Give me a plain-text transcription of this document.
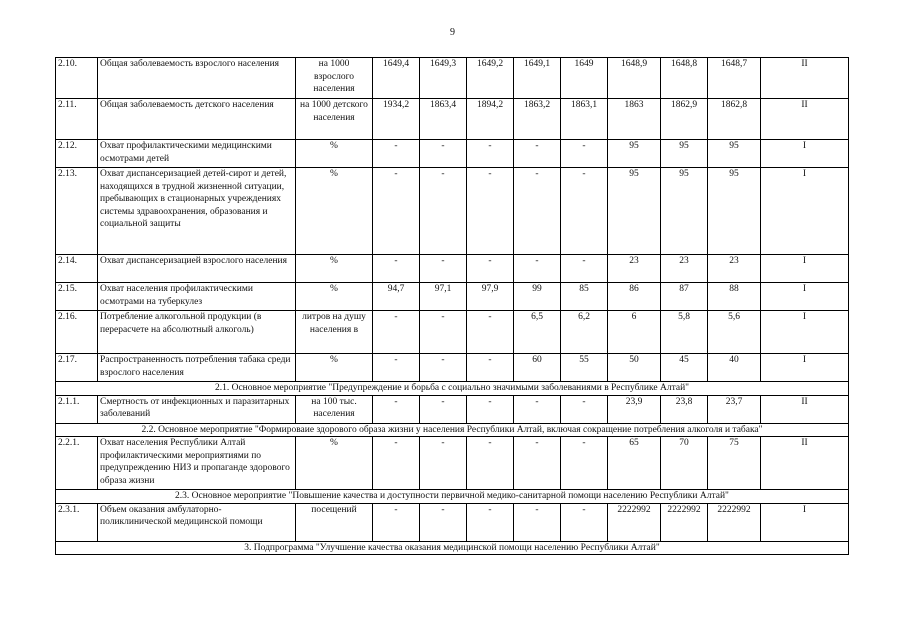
9
2.10.	Общая заболеваемость взрослого населения	на 1000 взрослого населения	1649,4	1649,3	1649,2	1649,1	1649	1648,9	1648,8	1648,7	II
2.11.	Общая заболеваемость детского населения	на 1000 детского населения	1934,2	1863,4	1894,2	1863,2	1863,1	1863	1862,9	1862,8	II
2.12.	Охват профилактическими медицинскими осмотрами детей	%	-	-	-	-	-	95	95	95	I
2.13.	Охват диспансеризацией детей-сирот и детей, находящихся в трудной жизненной ситуации, пребывающих в стационарных учреждениях системы здравоохранения, образования и социальной защиты	%	-	-	-	-	-	95	95	95	I
2.14.	Охват диспансеризацией взрослого населения	%	-	-	-	-	-	23	23	23	I
2.15.	Охват населения профилактическими осмотрами на туберкулез	%	94,7	97,1	97,9	99	85	86	87	88	I
2.16.	Потребление алкогольной продукции (в перерасчете на абсолютный алкоголь)	литров на душу населения в	-	-	-	6,5	6,2	6	5,8	5,6	I
2.17.	Распространенность потребления табака среди взрослого населения	%	-	-	-	60	55	50	45	40	I
2.1. Основное мероприятие "Предупреждение и борьба с социально значимыми заболеваниями в Республике Алтай"											
2.1.1.	Смертность от инфекционных и паразитарных заболеваний	на 100 тыс. населения	-	-	-	-	-	23,9	23,8	23,7	II
2.2. Основное мероприятие "Формироваие здорового образа жизни у населения Республики Алтай, включая сокращение потребления алкоголя и табака"											
2.2.1.	Охват населения Республики Алтай профилактическими мероприятиями по предупреждению НИЗ и пропаганде здорового образа жизни	%	-	-	-	-	-	65	70	75	II
2.3. Основное мероприятие "Повышение качества и доступности первичной медико-санитарной помощи населению Республики Алтай"											
2.3.1.	Объем оказания амбулаторно-поликлинической медицинской помощи	посещений	-	-	-	-	-	2222992	2222992	2222992	I
3. Подпрограмма "Улучшение качества оказания медицинской помощи населению Республики Алтай"											
